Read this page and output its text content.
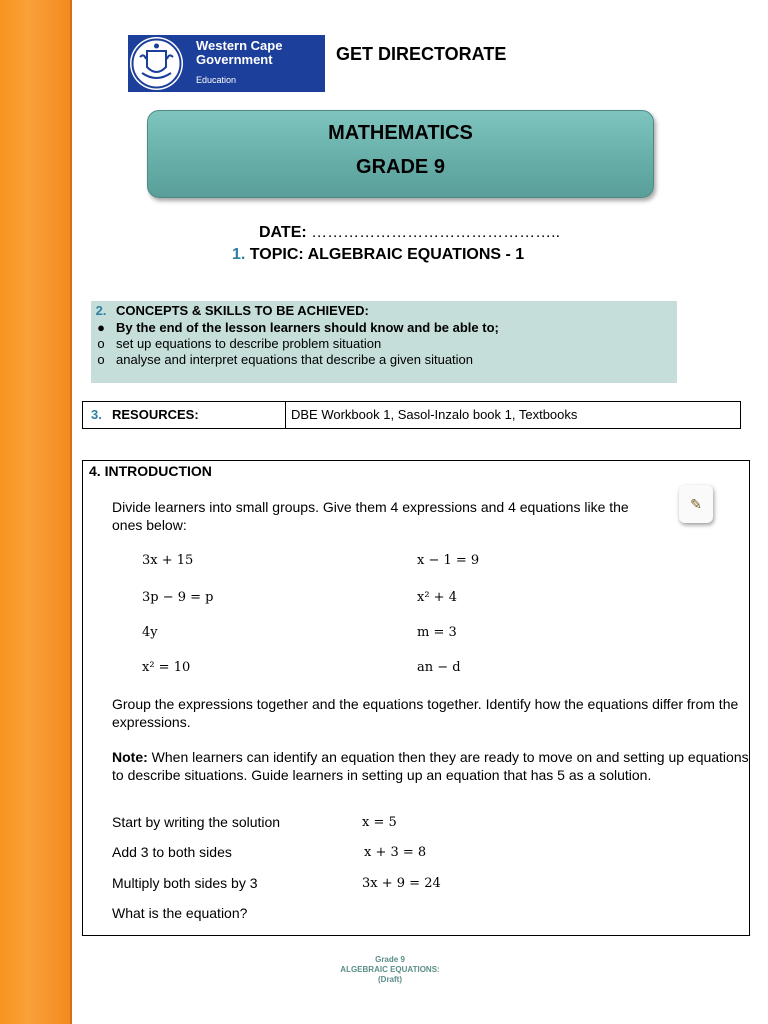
Western Cape
Government
Education
GET DIRECTORATE
MATHEMATICS
GRADE 9
DATE: ………………………………………..
1. TOPIC: ALGEBRAIC EQUATIONS - 1
2. CONCEPTS & SKILLS TO BE ACHIEVED:
● By the end of the lesson learners should know and be able to;
o set up equations to describe problem situation
o analyse and interpret equations that describe a given situation
3. RESOURCES:	DBE Workbook 1, Sasol-Inzalo book 1, Textbooks
4. INTRODUCTION
✎
Divide learners into small groups. Give them 4 expressions and 4 equations like the
ones below:
3x + 15	x − 1 = 9
3p − 9 = p	x² + 4
4y	m = 3
x² = 10	an − d
Group the expressions together and the equations together. Identify how the equations differ from the
expressions.
Note: When learners can identify an equation then they are ready to move on and setting up equations
to describe situations. Guide learners in setting up an equation that has 5 as a solution.
Start by writing the solution	x = 5
Add 3 to both sides	x + 3 = 8
Multiply both sides by 3	3x + 9 = 24
What is the equation?
Grade 9
ALGEBRAIC EQUATIONS:
(Draft)
